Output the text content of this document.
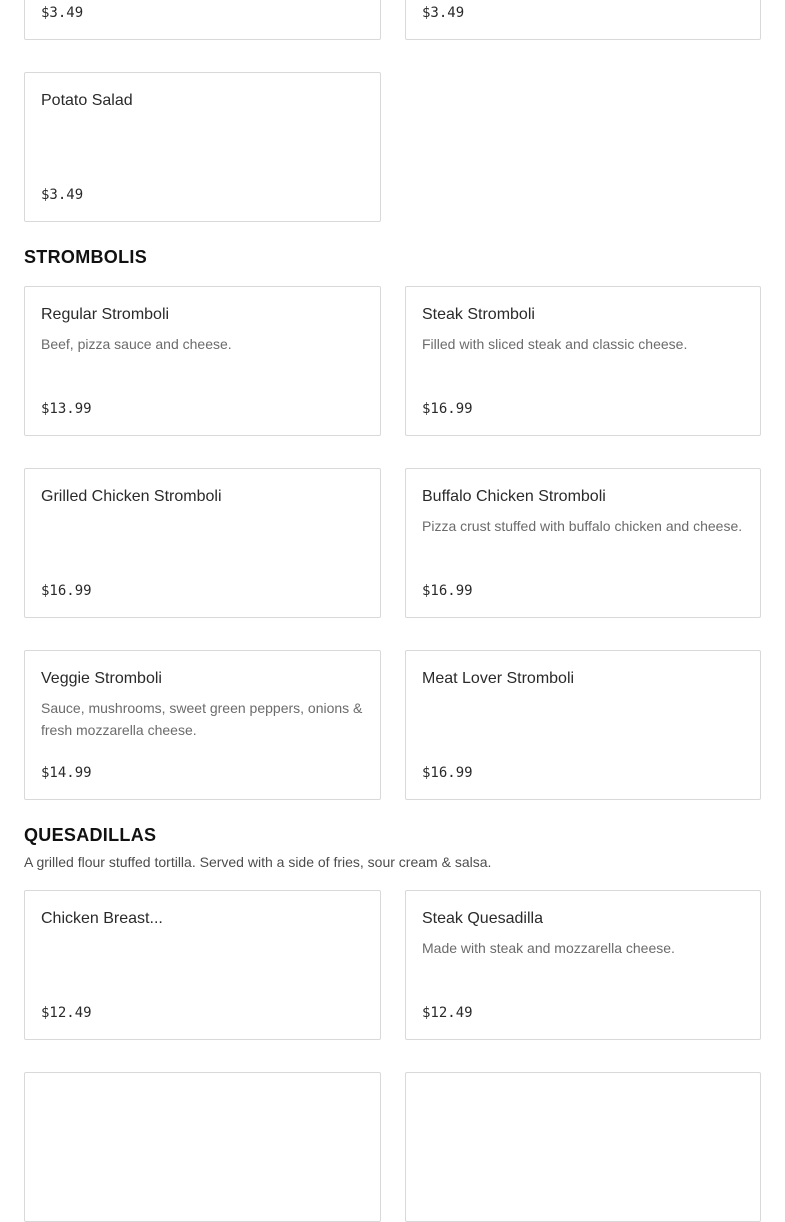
$3.49	$3.49
Potato Salad
$3.49
STROMBOLIS
Regular Stromboli
Beef, pizza sauce and cheese.
$13.99
Steak Stromboli
Filled with sliced steak and classic cheese.
$16.99
Grilled Chicken Stromboli
$16.99
Buffalo Chicken Stromboli
Pizza crust stuffed with buffalo chicken and cheese.
$16.99
Veggie Stromboli
Sauce, mushrooms, sweet green peppers, onions & fresh mozzarella cheese.
$14.99
Meat Lover Stromboli
$16.99
QUESADILLAS
A grilled flour stuffed tortilla. Served with a side of fries, sour cream & salsa.
Chicken Breast...
$12.49
Steak Quesadilla
Made with steak and mozzarella cheese.
$12.49
